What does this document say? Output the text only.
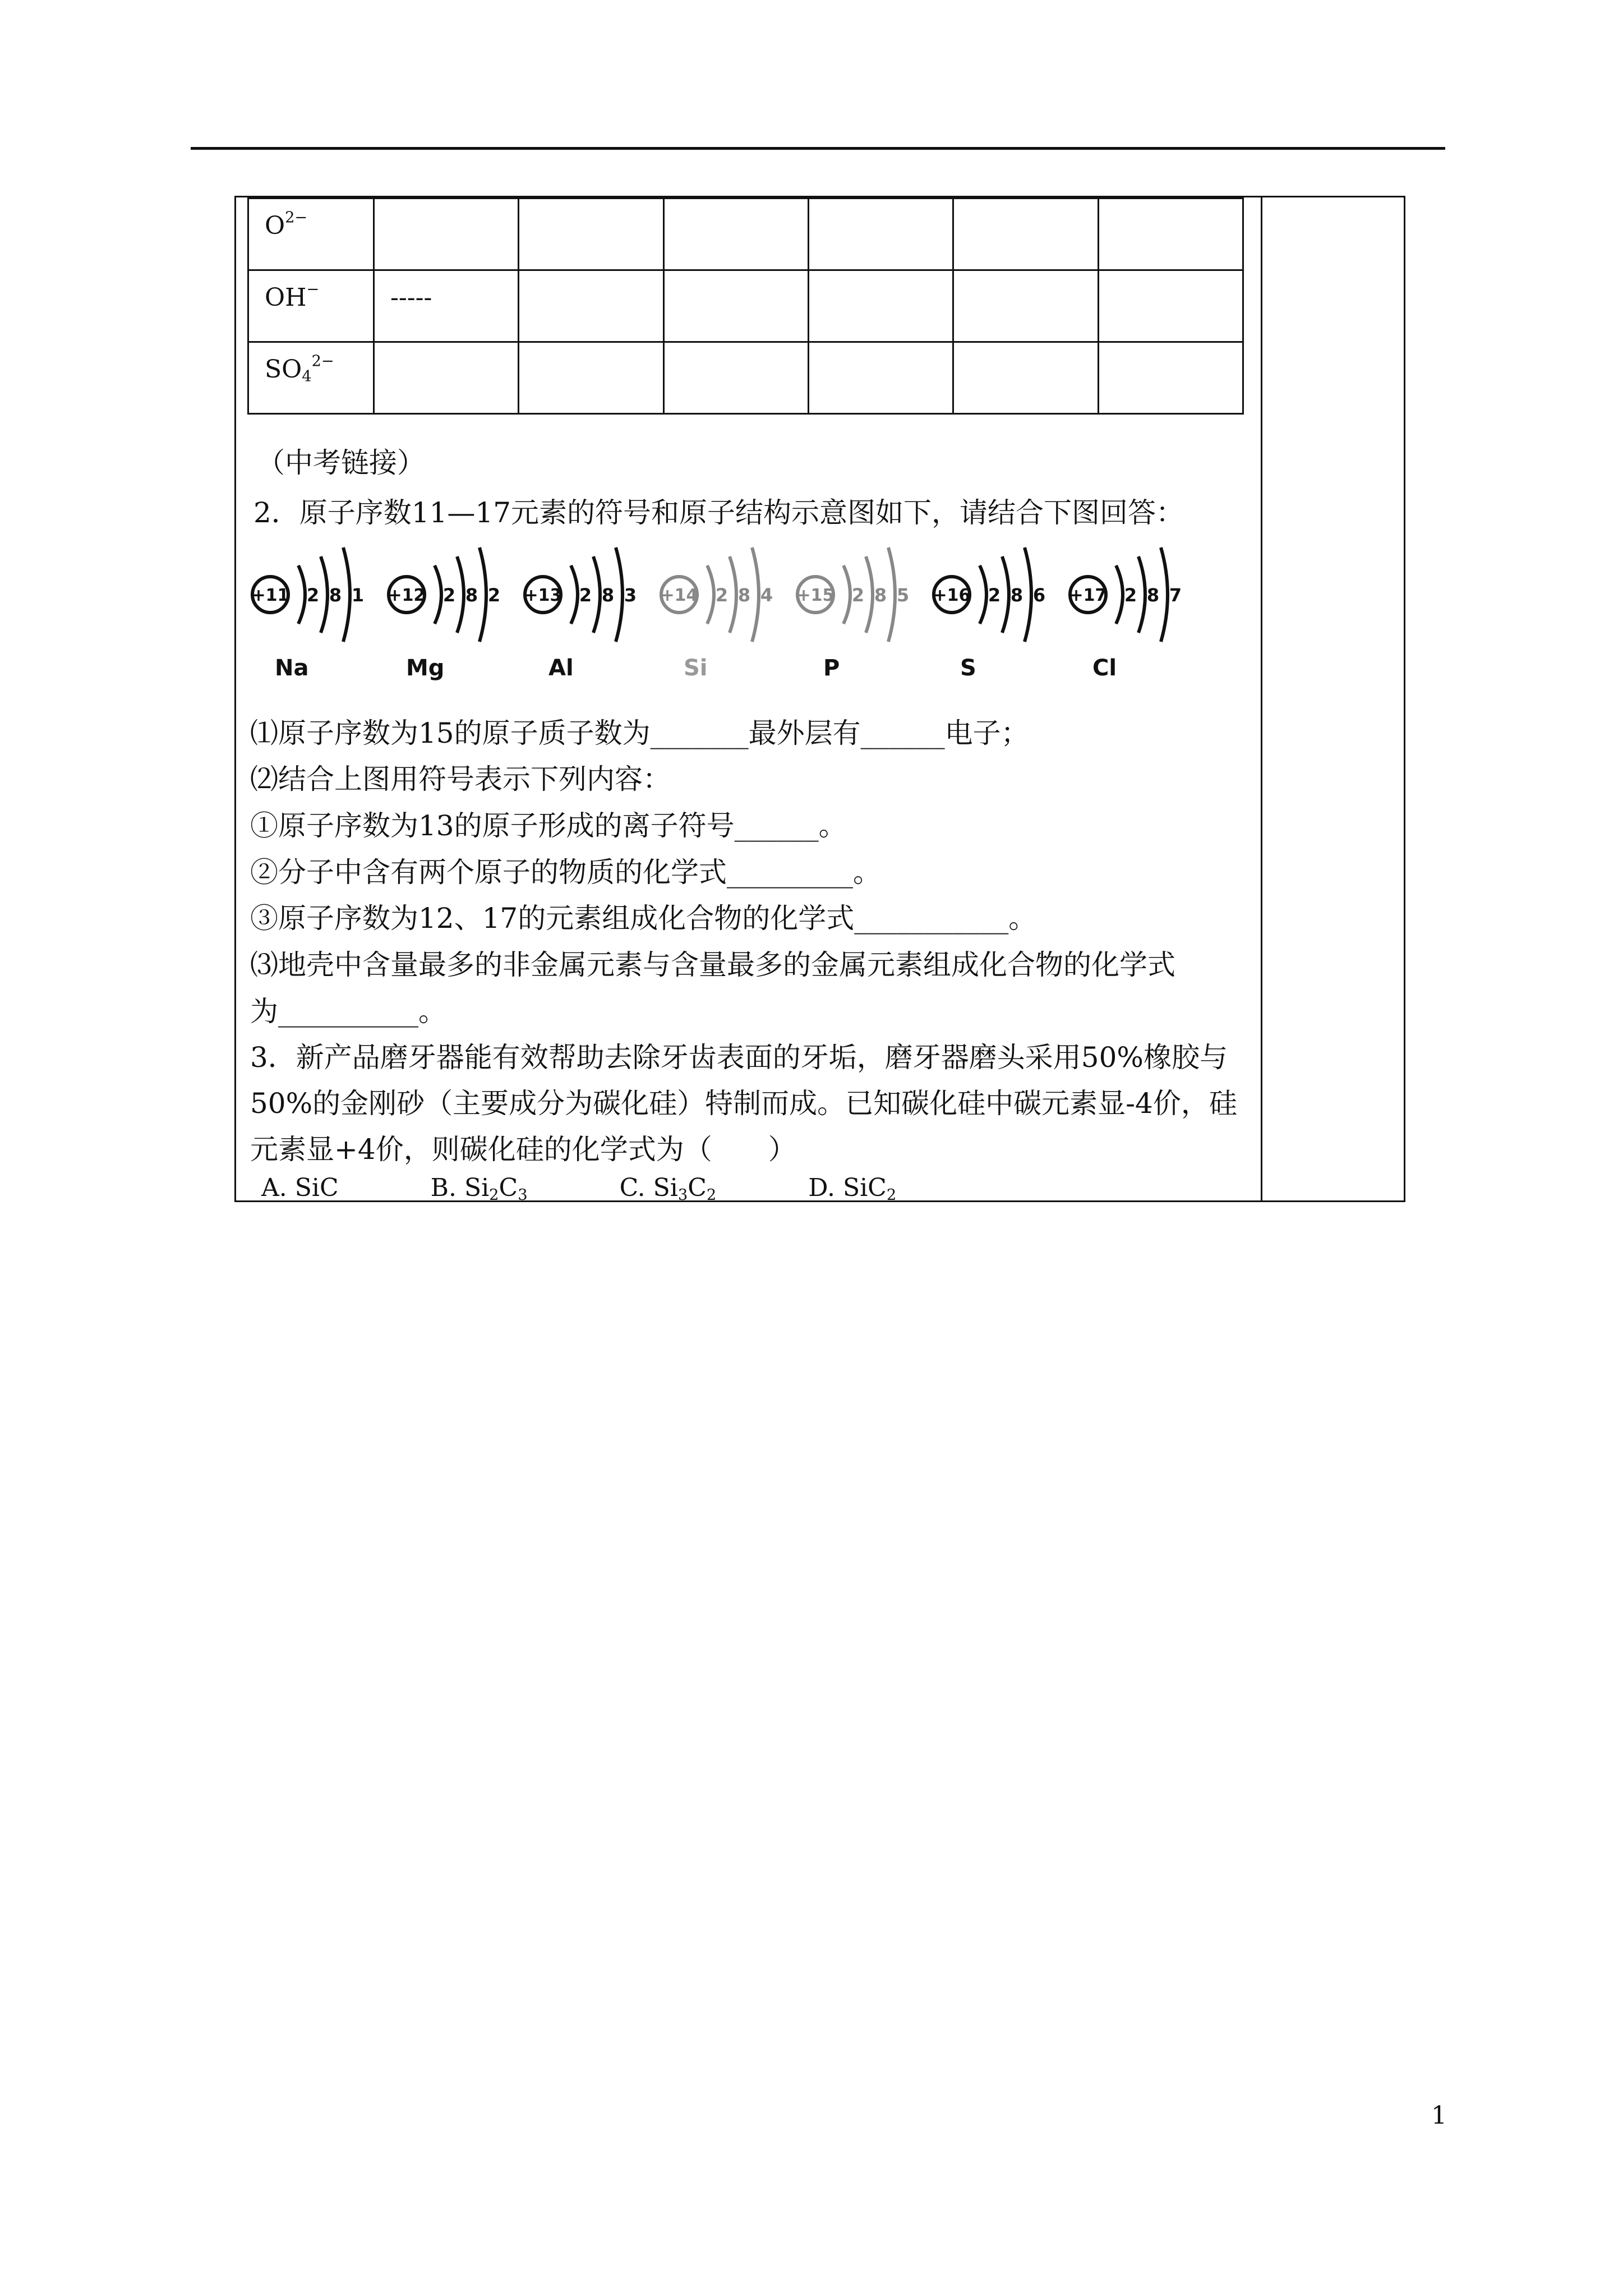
$O^{2-}$						
OH−	-----					
$SO_4^{2-}$						
（中考链接）
2．原子序数11—17元素的符号和原子结构示意图如下，请结合下图回答：
+11 2 8 1 +12 2 8 2 +13 2 8 3 +14 2 8 4 +15 2 8 5 +16 2 8 6 +17 2 8 7
Na	Mg	Al	Si	P	S	Cl
⑴原子序数为15的原子质子数为_______最外层有______电子；
⑵结合上图用符号表示下列内容：
①原子序数为13的原子形成的离子符号______。
②分子中含有两个原子的物质的化学式_________。
③原子序数为12、17的元素组成化合物的化学式___________。
⑶地壳中含量最多的非金属元素与含量最多的金属元素组成化合物的化学式
为__________。
3．新产品磨牙器能有效帮助去除牙齿表面的牙垢，磨牙器磨头采用50%橡胶与
50%的金刚砂（主要成分为碳化硅）特制而成。已知碳化硅中碳元素显-4价，硅
元素显+4价，则碳化硅的化学式为（　　）
A. SiC	B. $Si_2C_3$	C. $Si_3C_2$	D. SiC$_2$
1
